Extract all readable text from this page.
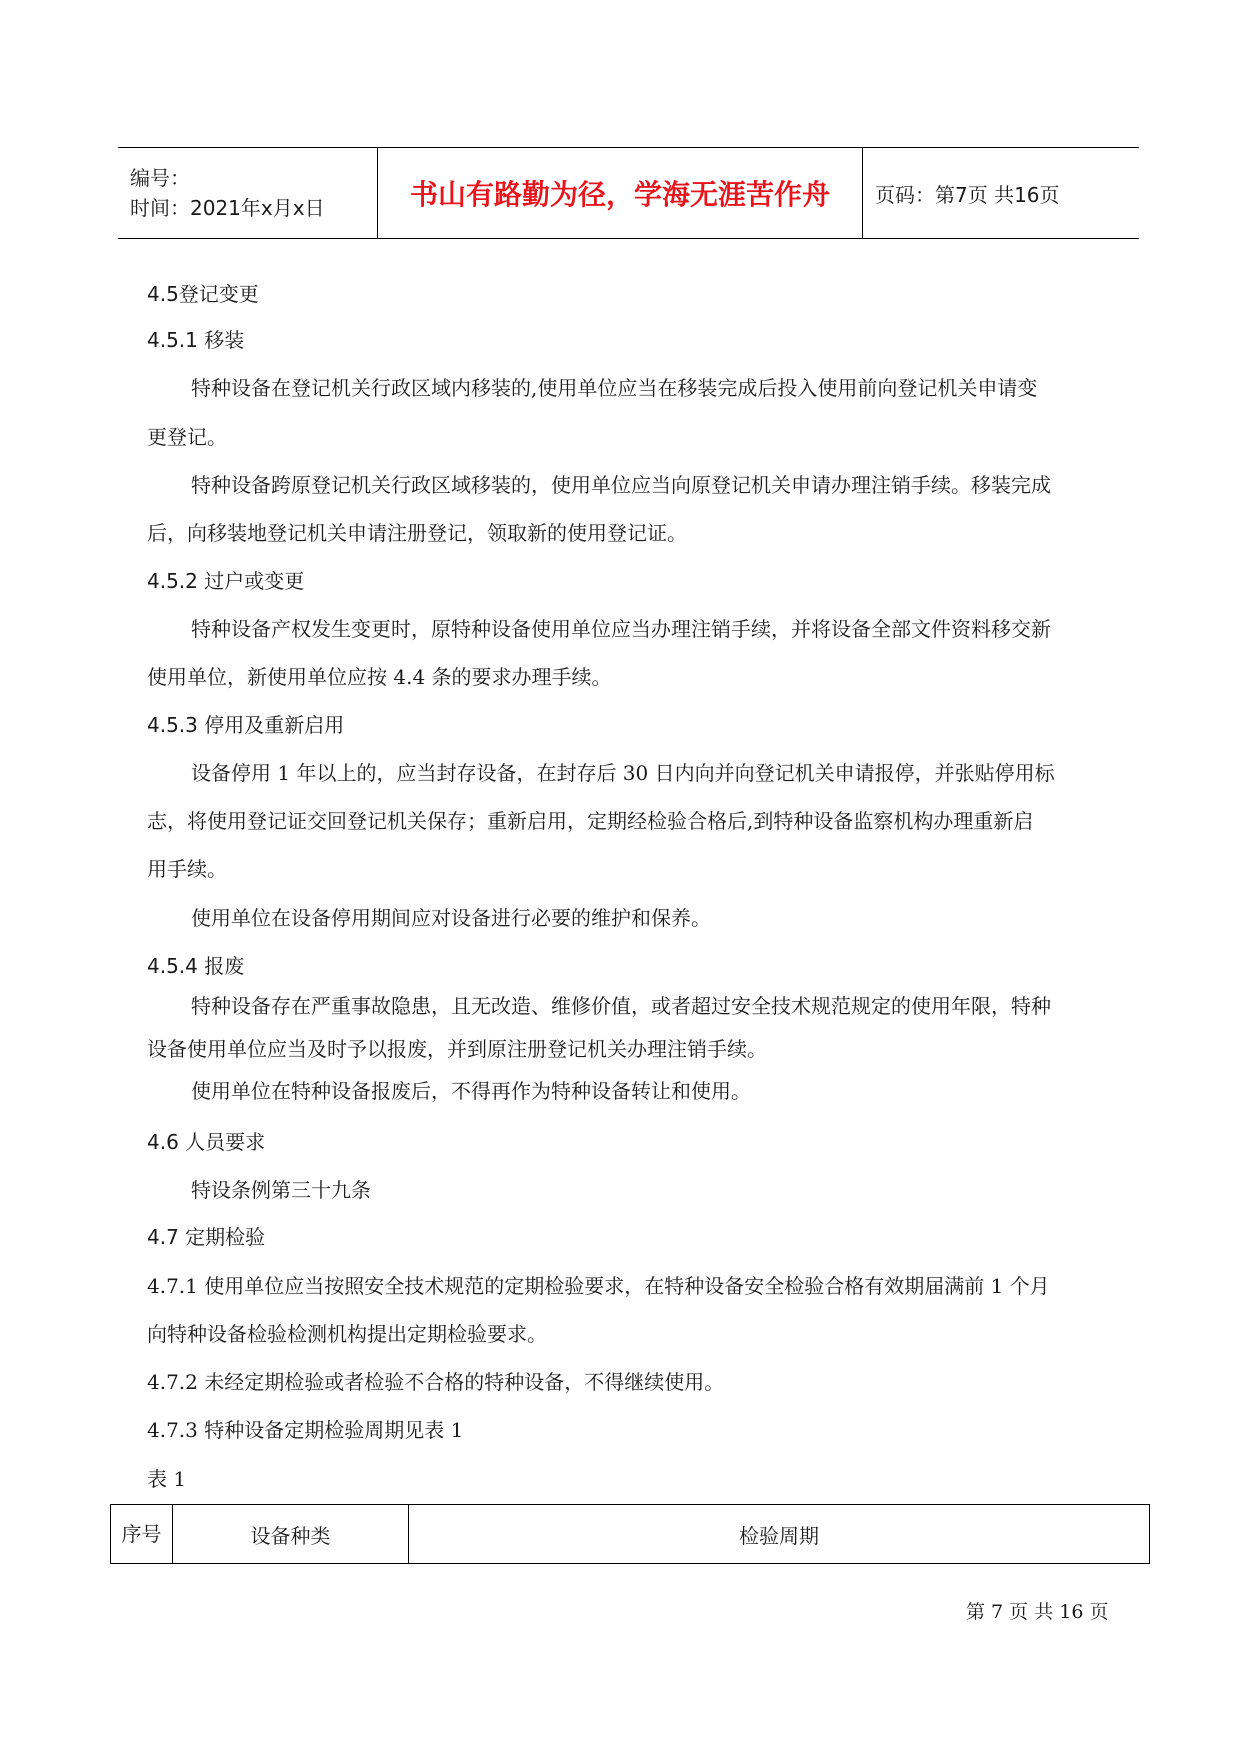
编号：
时间：2021年x月x日	书山有路勤为径，学海无涯苦作舟	页码：第7页 共16页
4.5登记变更
4.5.1 移装
特种设备在登记机关行政区域内移装的,使用单位应当在移装完成后投入使用前向登记机关申请变
更登记。
特种设备跨原登记机关行政区域移装的，使用单位应当向原登记机关申请办理注销手续。移装完成
后，向移装地登记机关申请注册登记，领取新的使用登记证。
4.5.2 过户或变更
特种设备产权发生变更时，原特种设备使用单位应当办理注销手续，并将设备全部文件资料移交新
使用单位，新使用单位应按 4.4 条的要求办理手续。
4.5.3 停用及重新启用
设备停用 1 年以上的，应当封存设备，在封存后 30 日内向并向登记机关申请报停，并张贴停用标
志，将使用登记证交回登记机关保存；重新启用，定期经检验合格后,到特种设备监察机构办理重新启
用手续。
使用单位在设备停用期间应对设备进行必要的维护和保养。
4.5.4 报废
特种设备存在严重事故隐患，且无改造、维修价值，或者超过安全技术规范规定的使用年限，特种
设备使用单位应当及时予以报废，并到原注册登记机关办理注销手续。
使用单位在特种设备报废后，不得再作为特种设备转让和使用。
4.6 人员要求
特设条例第三十九条
4.7 定期检验
4.7.1 使用单位应当按照安全技术规范的定期检验要求，在特种设备安全检验合格有效期届满前 1 个月
向特种设备检验检测机构提出定期检验要求。
4.7.2 未经定期检验或者检验不合格的特种设备，不得继续使用。
4.7.3 特种设备定期检验周期见表 1
表 1
序号	设备种类	检验周期
第 7 页 共 16 页
